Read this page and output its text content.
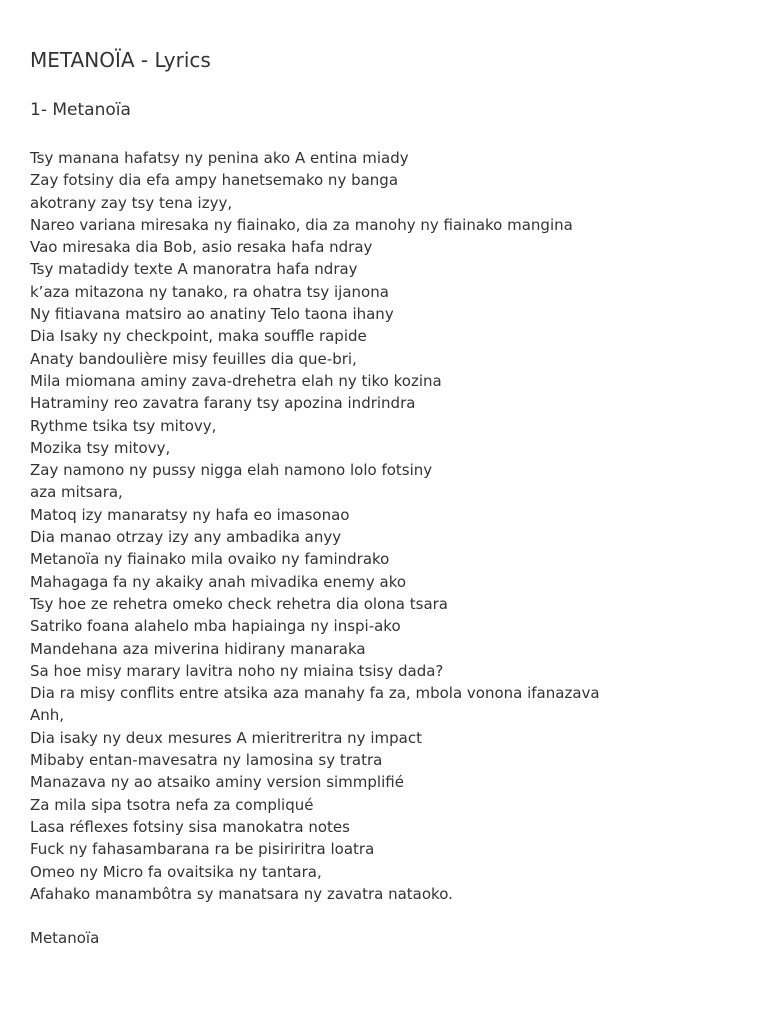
METANOÏA - Lyrics
1- Metanoïa
Tsy manana hafatsy ny penina ako A entina miady
Zay fotsiny dia efa ampy hanetsemako ny banga
akotrany zay tsy tena izyy,
Nareo variana miresaka ny fiainako, dia za manohy ny fiainako mangina
Vao miresaka dia Bob, asio resaka hafa ndray
Tsy matadidy texte A manoratra hafa ndray
k’aza mitazona ny tanako, ra ohatra tsy ijanona
Ny fitiavana matsiro ao anatiny Telo taona ihany
Dia Isaky ny checkpoint, maka souffle rapide
Anaty bandoulière misy feuilles dia que-bri,
Mila miomana aminy zava-drehetra elah ny tiko kozina
Hatraminy reo zavatra farany tsy apozina indrindra
Rythme tsika tsy mitovy,
Mozika tsy mitovy,
Zay namono ny pussy nigga elah namono lolo fotsiny
aza mitsara,
Matoq izy manaratsy ny hafa eo imasonao
Dia manao otrzay izy any ambadika anyy
Metanoïa ny fiainako mila ovaiko ny famindrako
Mahagaga fa ny akaiky anah mivadika enemy ako
Tsy hoe ze rehetra omeko check rehetra dia olona tsara
Satriko foana alahelo mba hapiainga ny inspi-ako
Mandehana aza miverina hidirany manaraka
Sa hoe misy marary lavitra noho ny miaina tsisy dada?
Dia ra misy conflits entre atsika aza manahy fa za, mbola vonona ifanazava
Anh,
Dia isaky ny deux mesures A mieritreritra ny impact
Mibaby entan-mavesatra ny lamosina sy tratra
Manazava ny ao atsaiko aminy version simmplifié
Za mila sipa tsotra nefa za compliqué
Lasa réflexes fotsiny sisa manokatra notes
Fuck ny fahasambarana ra be pisiriritra loatra
Omeo ny Micro fa ovaitsika ny tantara,
Afahako manambôtra sy manatsara ny zavatra nataoko.

Metanoïa
